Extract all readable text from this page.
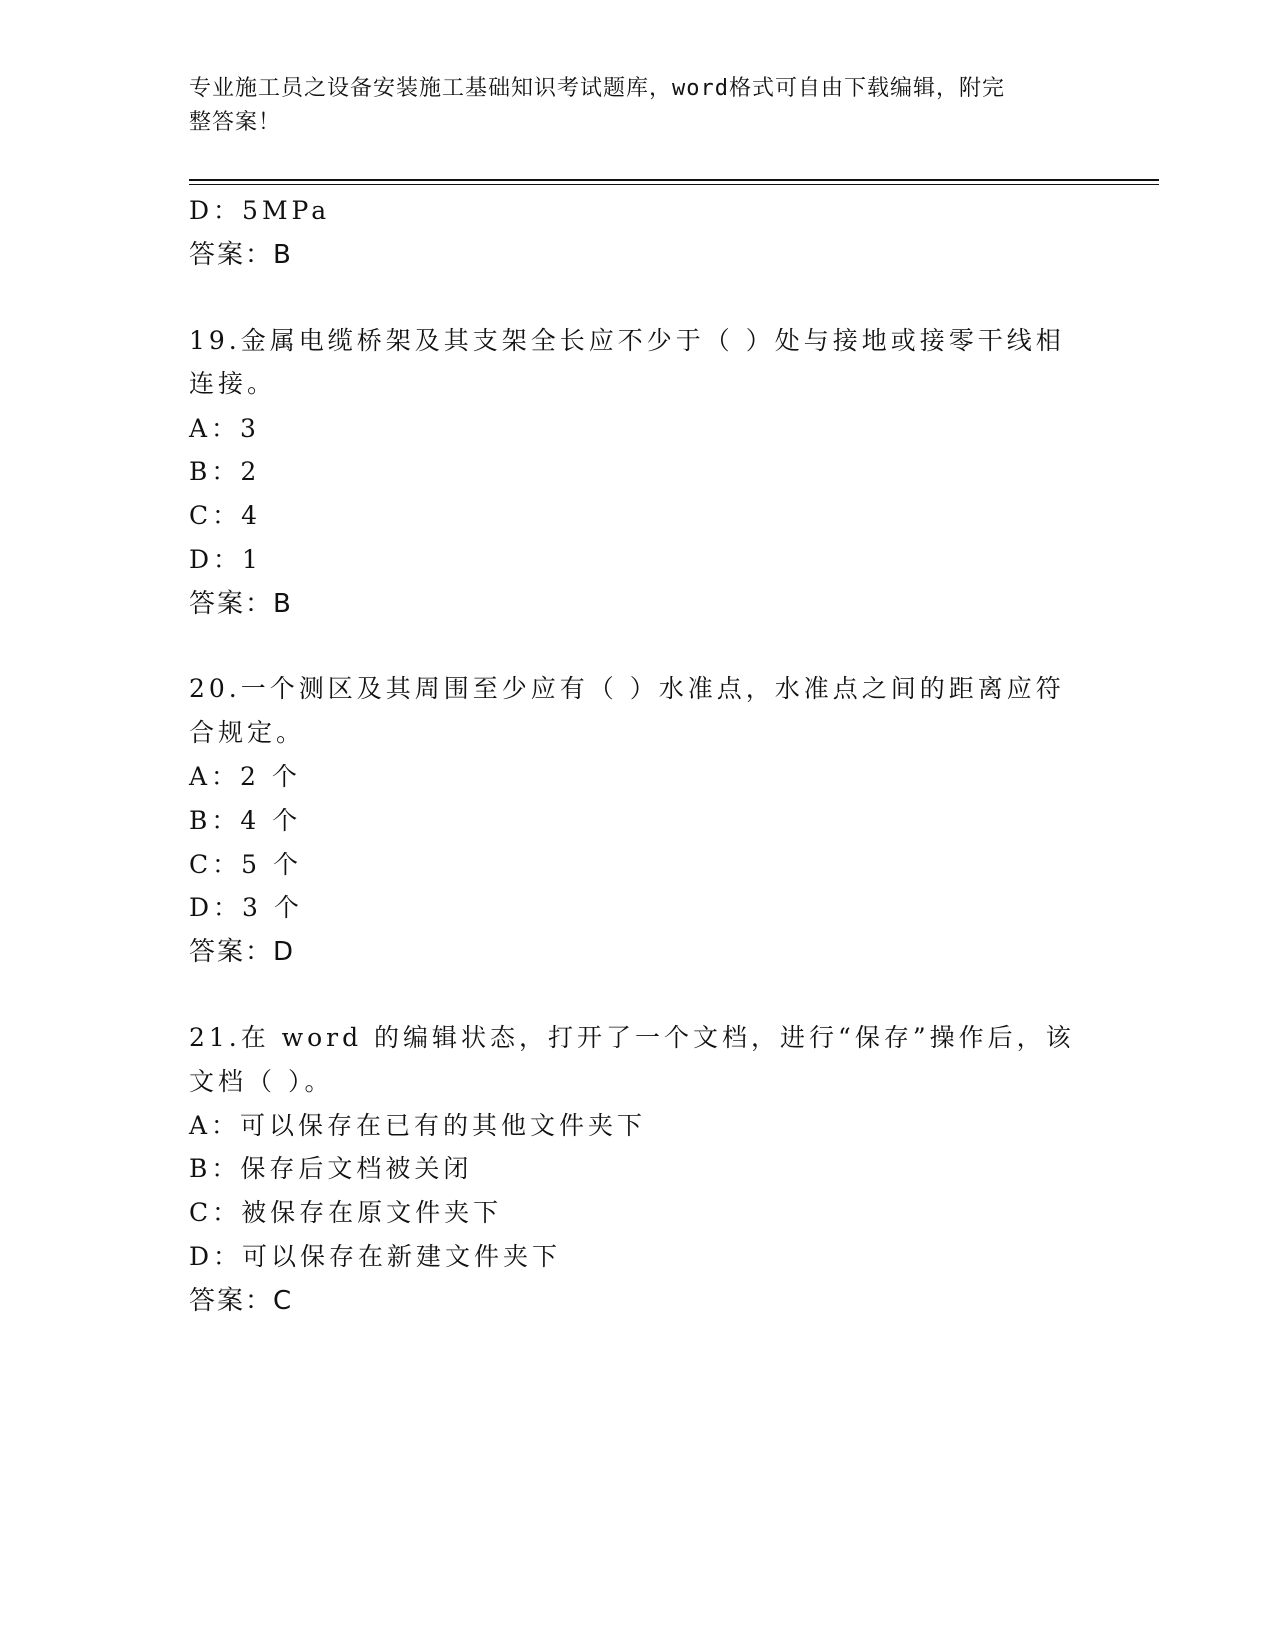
专业施工员之设备安装施工基础知识考试题库，word格式可自由下载编辑，附完
整答案！
D：5MPa
答案：B
19.金属电缆桥架及其支架全长应不少于（ ）处与接地或接零干线相
连接。
A：3
B：2
C：4
D：1
答案：B
20.一个测区及其周围至少应有（ ）水准点，水准点之间的距离应符
合规定。
A：2 个
B：4 个
C：5 个
D：3 个
答案：D
21.在 word 的编辑状态，打开了一个文档，进行“保存”操作后，该
文档（ ）。
A：可以保存在已有的其他文件夹下
B：保存后文档被关闭
C：被保存在原文件夹下
D：可以保存在新建文件夹下
答案：C
